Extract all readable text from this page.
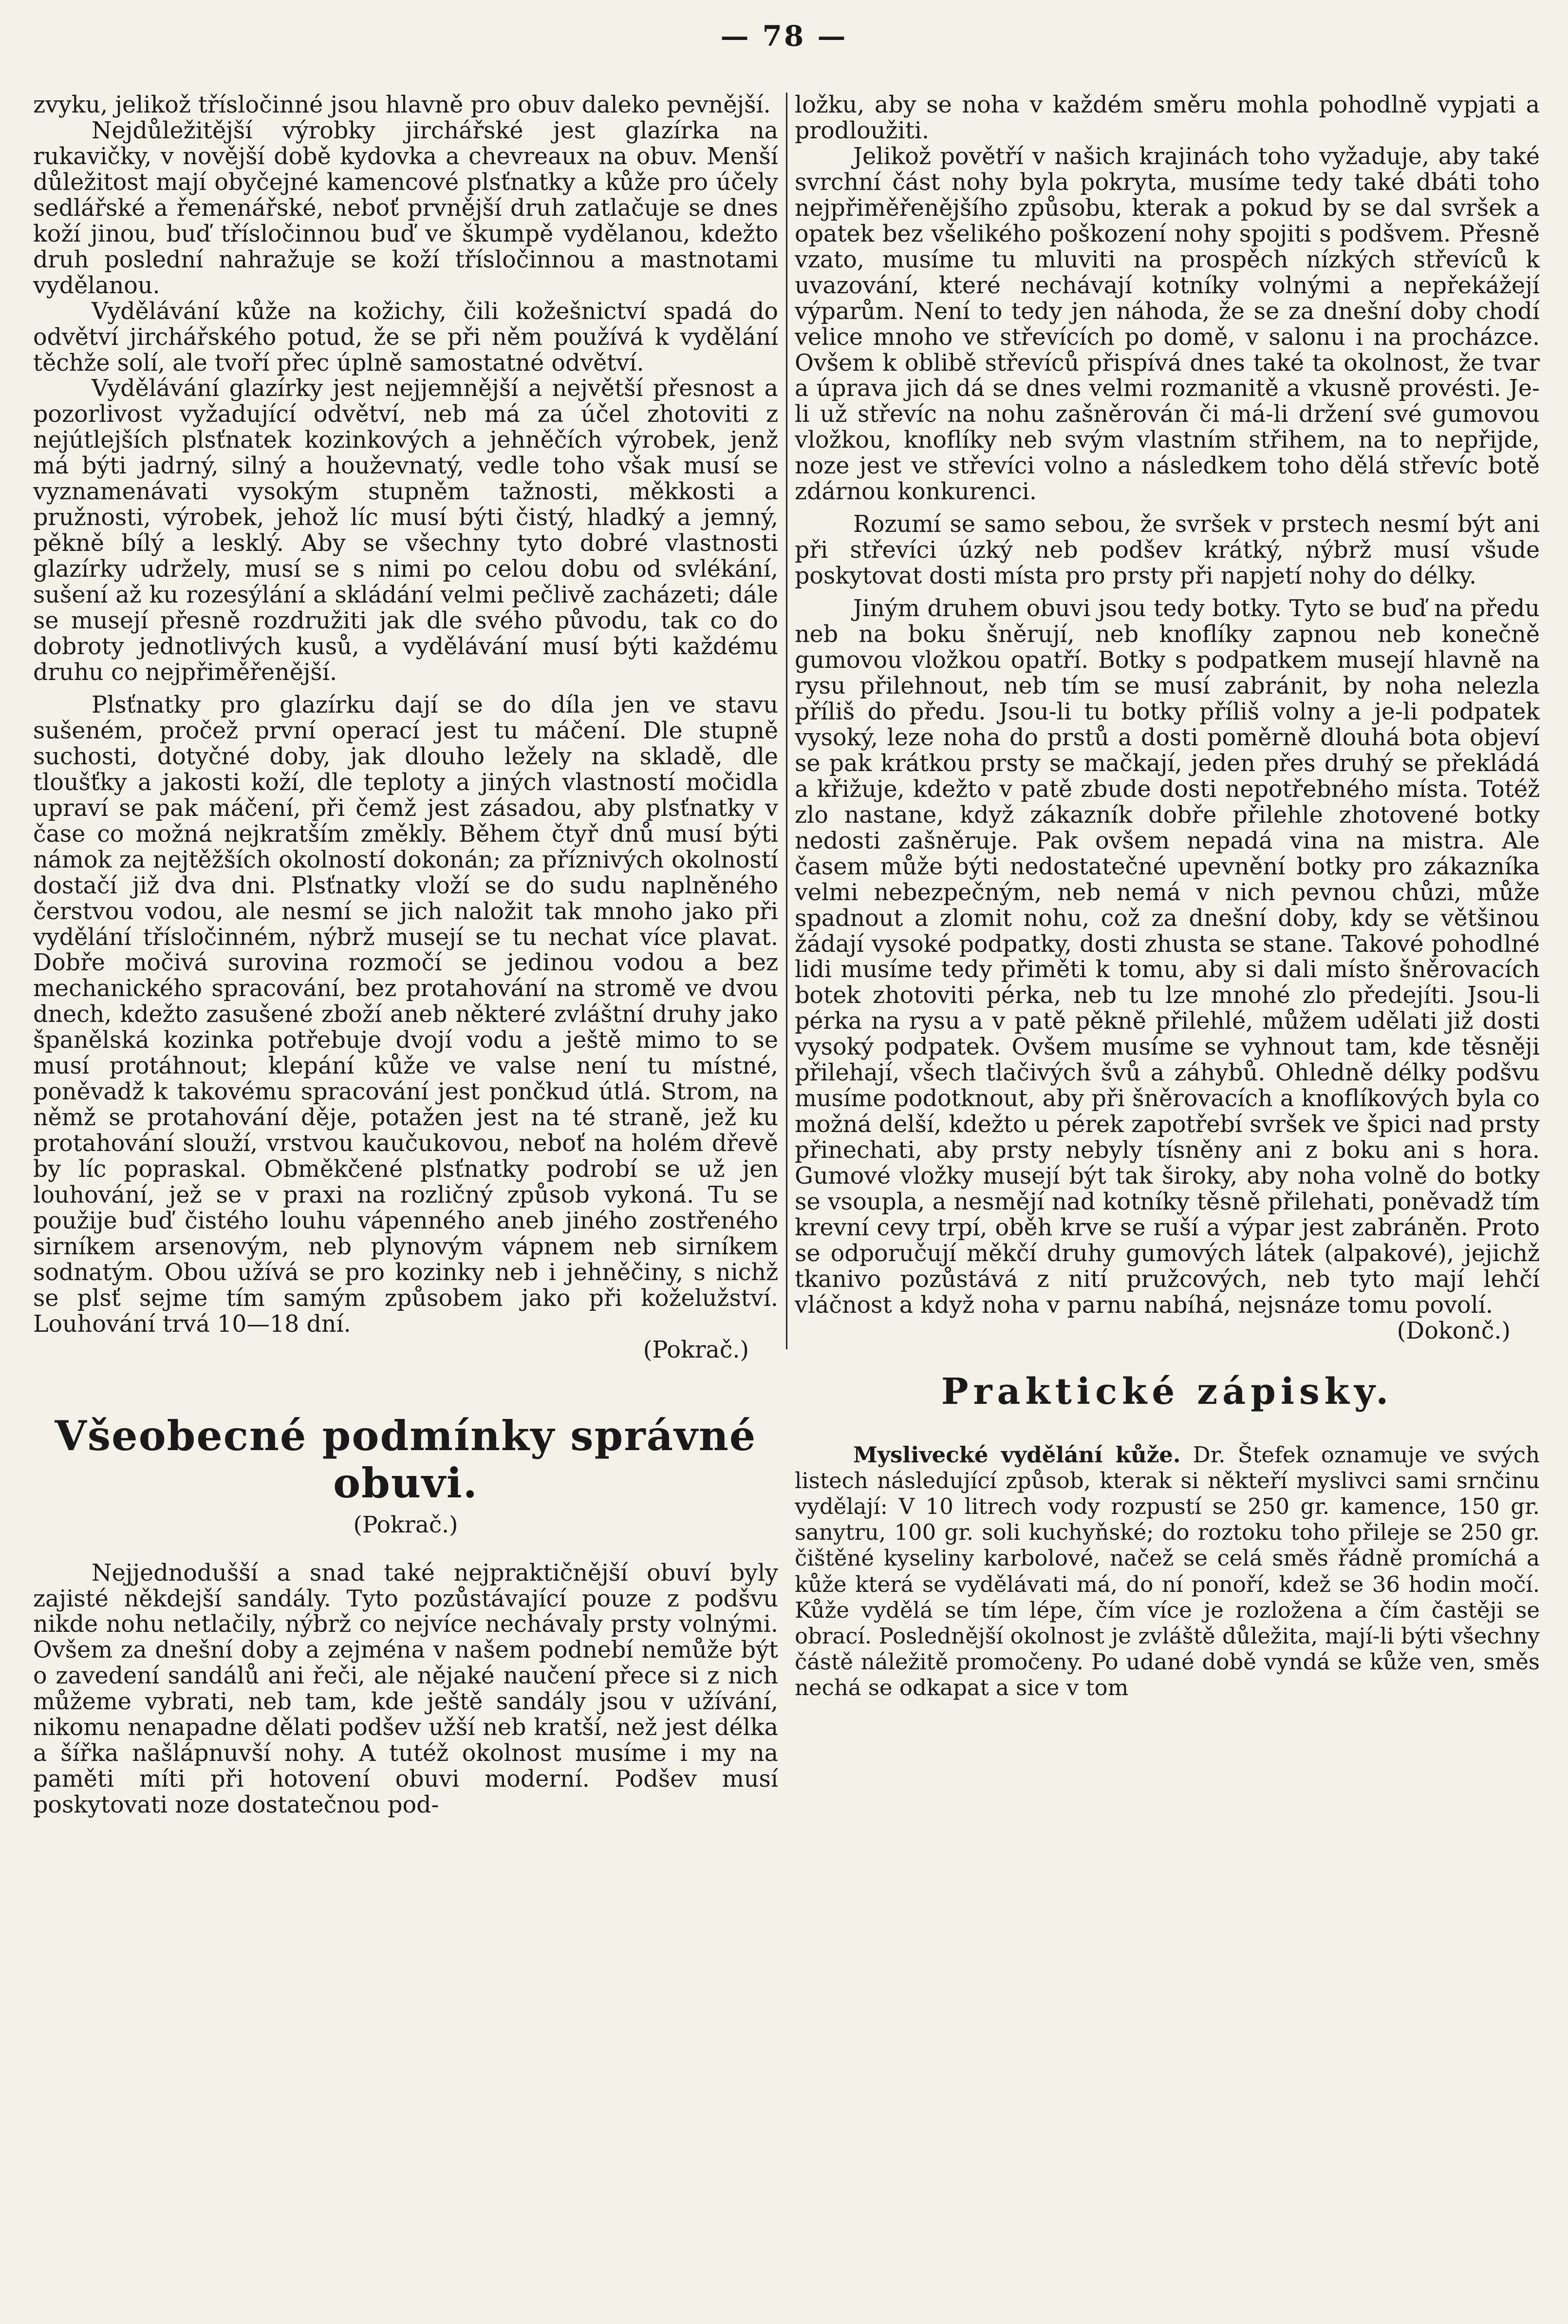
— 78 —

zvyku, jelikož třísločinné jsou hlavně pro obuv daleko pevnější.

Nejdůležitější výrobky jirchářské jest glazírka na rukavičky, v novější době kydovka a chevreaux na obuv. Menší důležitost mají obyčejné kamencové plsťnatky a kůže pro účely sedlářské a řemenářské, neboť prvnější druh zatlačuje se dnes koží jinou, buď třísločinnou buď ve škumpě vydělanou, kdežto druh poslední nahražuje se koží třísločinnou a mastnotami vydělanou.

Vydělávání kůže na kožichy, čili kožešnictví spadá do odvětví jirchářského potud, že se při něm používá k vydělání těchže solí, ale tvoří přec úplně samostatné odvětví.

Vydělávání glazírky jest nejjemnější a největší přesnost a pozorlivost vyžadující odvětví, neb má za účel zhotoviti z nejútlejších plsťnatek kozinkových a jehněčích výrobek, jenž má býti jadrný, silný a houževnatý, vedle toho však musí se vyznamenávati vysokým stupněm tažnosti, měkkosti a pružnosti, výrobek, jehož líc musí býti čistý, hladký a jemný, pěkně bílý a lesklý. Aby se všechny tyto dobré vlastnosti glazírky udržely, musí se s nimi po celou dobu od svlékání, sušení až ku rozesýlání a skládání velmi pečlivě zacházeti; dále se musejí přesně rozdružiti jak dle svého původu, tak co do dobroty jednotlivých kusů, a vydělávání musí býti každému druhu co nejpřiměřenější.

Plsťnatky pro glazírku dají se do díla jen ve stavu sušeném, pročež první operací jest tu máčení. Dle stupně suchosti, dotyčné doby, jak dlouho ležely na skladě, dle tloušťky a jakosti koží, dle teploty a jiných vlastností močidla upraví se pak máčení, při čemž jest zásadou, aby plsťnatky v čase co možná nejkratším změkly. Během čtyř dnů musí býti námok za nejtěžších okolností dokonán; za příznivých okolností dostačí již dva dni. Plsťnatky vloží se do sudu naplněného čerstvou vodou, ale nesmí se jich naložit tak mnoho jako při vydělání třísločinném, nýbrž musejí se tu nechat více plavat. Dobře močivá surovina rozmočí se jedinou vodou a bez mechanického spracování, bez protahování na stromě ve dvou dnech, kdežto zasušené zboží aneb některé zvláštní druhy jako španělská kozinka potřebuje dvojí vodu a ještě mimo to se musí protáhnout; klepání kůže ve valse není tu místné, poněvadž k takovému spracování jest pončkud útlá. Strom, na němž se protahování děje, potažen jest na té straně, jež ku protahování slouží, vrstvou kaučukovou, neboť na holém dřevě by líc popraskal. Obměkčené plsťnatky podrobí se už jen louhování, jež se v praxi na rozličný způsob vykoná. Tu se použije buď čistého louhu vápenného aneb jiného zostřeného sirníkem arsenovým, neb plynovým vápnem neb sirníkem sodnatým. Obou užívá se pro kozinky neb i jehněčiny, s nichž se plsť sejme tím samým způsobem jako při koželužství. Louhování trvá 10—18 dní.

(Pokrač.)

ložku, aby se noha v každém směru mohla pohodlně vypjati a prodloužiti.

Jelikož povětří v našich krajinách toho vyžaduje, aby také svrchní část nohy byla pokryta, musíme tedy také dbáti toho nejpřiměřenějšího způsobu, kterak a pokud by se dal svršek a opatek bez všelikého poškození nohy spojiti s podšvem. Přesně vzato, musíme tu mluviti na prospěch nízkých střevíců k uvazování, které nechávají kotníky volnými a nepřekážejí výparům. Není to tedy jen náhoda, že se za dnešní doby chodí velice mnoho ve střevících po domě, v salonu i na procházce. Ovšem k oblibě střevíců přispívá dnes také ta okolnost, že tvar a úprava jich dá se dnes velmi rozmanitě a vkusně provésti. Je-li už střevíc na nohu zašněrován či má-li držení své gumovou vložkou, knoflíky neb svým vlastním střihem, na to nepřijde, noze jest ve střevíci volno a následkem toho dělá střevíc botě zdárnou konkurenci.

Rozumí se samo sebou, že svršek v prstech nesmí být ani při střevíci úzký neb podšev krátký, nýbrž musí všude poskytovat dosti místa pro prsty při napjetí nohy do délky.

Jiným druhem obuvi jsou tedy botky. Tyto se buď na předu neb na boku šněrují, neb knoflíky zapnou neb konečně gumovou vložkou opatří. Botky s podpatkem musejí hlavně na rysu přilehnout, neb tím se musí zabránit, by noha nelezla příliš do předu. Jsou-li tu botky příliš volny a je-li podpatek vysoký, leze noha do prstů a dosti poměrně dlouhá bota objeví se pak krátkou prsty se mačkají, jeden přes druhý se překládá a křižuje, kdežto v patě zbude dosti nepotřebného místa. Totéž zlo nastane, když zákazník dobře přilehle zhotovené botky nedosti zašněruje. Pak ovšem nepadá vina na mistra. Ale časem může býti nedostatečné upevnění botky pro zákazníka velmi nebezpečným, neb nemá v nich pevnou chůzi, může spadnout a zlomit nohu, což za dnešní doby, kdy se většinou žádají vysoké podpatky, dosti zhusta se stane. Takové pohodlné lidi musíme tedy přiměti k tomu, aby si dali místo šněrovacích botek zhotoviti pérka, neb tu lze mnohé zlo předejíti. Jsou-li pérka na rysu a v patě pěkně přilehlé, můžem udělati již dosti vysoký podpatek. Ovšem musíme se vyhnout tam, kde těsněji přilehají, všech tlačivých švů a záhybů. Ohledně délky podšvu musíme podotknout, aby při šněrovacích a knoflíkových byla co možná delší, kdežto u pérek zapotřebí svršek ve špici nad prsty přinechati, aby prsty nebyly tísněny ani z boku ani s hora. Gumové vložky musejí být tak široky, aby noha volně do botky se vsoupla, a nesmějí nad kotníky těsně přilehati, poněvadž tím krevní cevy trpí, oběh krve se ruší a výpar jest zabráněn. Proto se odporučují měkčí druhy gumových látek (alpakové), jejichž tkanivo pozůstává z nití pružcových, neb tyto mají lehčí vláčnost a když noha v parnu nabíhá, nejsnáze tomu povolí.

(Dokonč.)
Všeobecné podmínky správné obuvi.
(Pokrač.)

Nejjednodušší a snad také nejpraktičnější obuví byly zajisté někdejší sandály. Tyto pozůstávající pouze z podšvu nikde nohu netlačily, nýbrž co nejvíce nechávaly prsty volnými. Ovšem za dnešní doby a zejména v našem podnebí nemůže být o zavedení sandálů ani řeči, ale nějaké naučení přece si z nich můžeme vybrati, neb tam, kde ještě sandály jsou v užívání, nikomu nenapadne dělati podšev užší neb kratší, než jest délka a šířka našlápnuvší nohy. A tutéž okolnost musíme i my na paměti míti při hotovení obuvi moderní. Podšev musí poskytovati noze dostatečnou pod-

Praktické zápisky.

Myslivecké vydělání kůže. Dr. Štefek oznamuje ve svých listech následující způsob, kterak si někteří myslivci sami srnčinu vydělají: V 10 litrech vody rozpustí se 250 gr. kamence, 150 gr. sanytru, 100 gr. soli kuchyňské; do roztoku toho přileje se 250 gr. čištěné kyseliny karbolové, načež se celá směs řádně promíchá a kůže která se vydělávati má, do ní ponoří, kdež se 36 hodin močí. Kůže vydělá se tím lépe, čím více je rozložena a čím častěji se obrací. Poslednější okolnost je zvláště důležita, mají-li býti všechny částě náležitě promočeny. Po udané době vyndá se kůže ven, směs nechá se odkapat a sice v tom
